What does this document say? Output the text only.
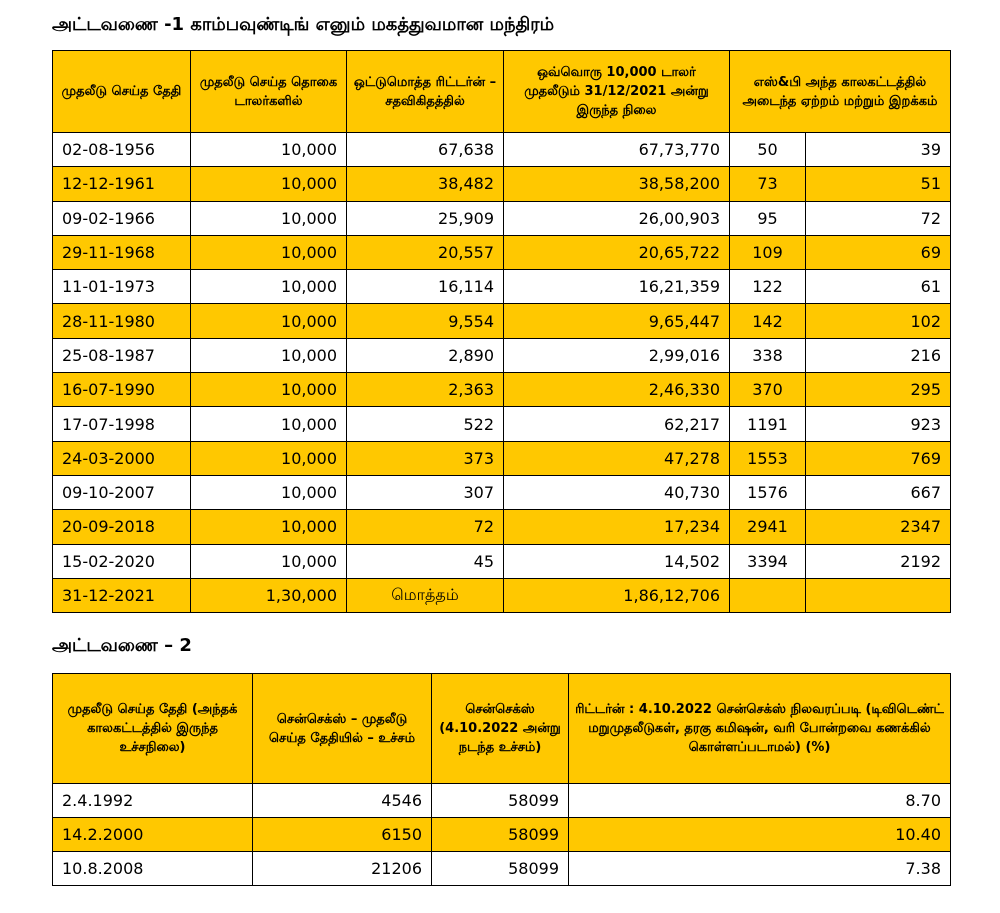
அட்டவணை -1 காம்பவுண்டிங் எனும் மகத்துவமான மந்திரம்
முதலீடு செய்த தேதி	முதலீடு செய்த தொகை டாலர்களில்	ஒட்டுமொத்த ரிட்டர்ன் – சதவிகிதத்தில்	ஒவ்வொரு 10,000 டாலர் முதலீடும் 31/12/2021 அன்று இருந்த நிலை	எஸ்&பி அந்த காலகட்டத்தில் அடைந்த ஏற்றம் மற்றும் இறக்கம்	
02-08-1956	10,000	67,638	67,73,770	50	39
12-12-1961	10,000	38,482	38,58,200	73	51
09-02-1966	10,000	25,909	26,00,903	95	72
29-11-1968	10,000	20,557	20,65,722	109	69
11-01-1973	10,000	16,114	16,21,359	122	61
28-11-1980	10,000	9,554	9,65,447	142	102
25-08-1987	10,000	2,890	2,99,016	338	216
16-07-1990	10,000	2,363	2,46,330	370	295
17-07-1998	10,000	522	62,217	1191	923
24-03-2000	10,000	373	47,278	1553	769
09-10-2007	10,000	307	40,730	1576	667
20-09-2018	10,000	72	17,234	2941	2347
15-02-2020	10,000	45	14,502	3394	2192
31-12-2021	1,30,000	மொத்தம்	1,86,12,706		
அட்டவணை – 2
முதலீடு செய்த தேதி (அந்தக் காலகட்டத்தில் இருந்த உச்சநிலை)	சென்செக்ஸ் – முதலீடு செய்த தேதியில் – உச்சம்	சென்செக்ஸ் (4.10.2022 அன்று நடந்த உச்சம்)	ரிட்டர்ன் : 4.10.2022 சென்செக்ஸ் நிலவரப்படி (டிவிடெண்ட் மறுமுதலீடுகள், தரகு கமிஷன், வரி போன்றவை கணக்கில் கொள்ளப்படாமல்) (%)
2.4.1992	4546	58099	8.70
14.2.2000	6150	58099	10.40
10.8.2008	21206	58099	7.38
